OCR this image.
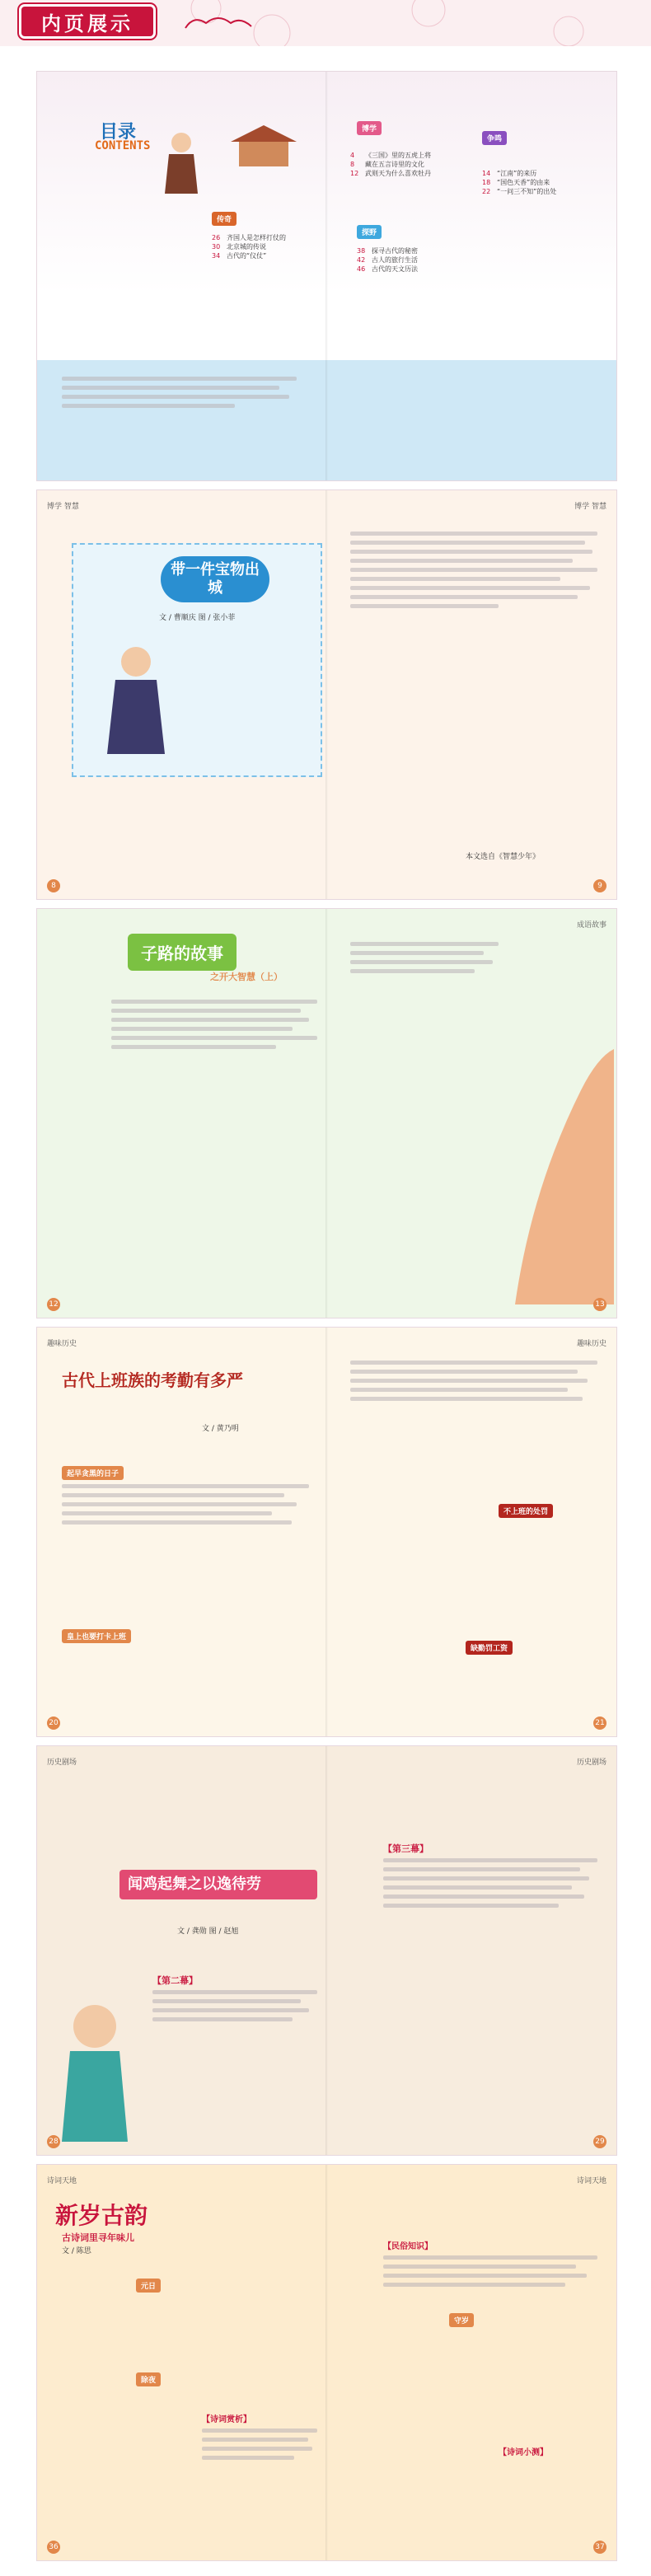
内页展示
目录
CONTENTS
博学
4	《三国》里的五虎上将
8	藏在五言诗里的文化
12 武则天为什么喜欢牡丹
争鸣
14 “江南”的来历
18 “国色天香”的由来
22 “一问三不知”的出处
传奇
26 齐国人是怎样打仗的
30 北京城的传说
34 古代的“仪仗”
探野
38 探寻古代的秘密
42 古人的旅行生活
46 古代的天文历法
博学 智慧	博学 智慧
带一件宝物出城
文 / 曹顺庆 图 / 张小菲
本文选自《智慧少年》
8	9
成语故事
子路的故事
之开大智慧（上）
12	13
趣味历史	趣味历史
古代上班族的考勤有多严
文 / 黄乃明
起早贪黑的日子
皇上也要打卡上班
不上班的处罚
缺勤罚工资
20	21
历史剧场	历史剧场
闻鸡起舞之以逸待劳
文 / 龚勋 图 / 赵旭
【第二幕】
【第三幕】
28	29
诗词天地	诗词天地
新岁古韵
古诗词里寻年味儿
文 / 陈思
元日
除夜
守岁
【诗词赏析】
【民俗知识】
【诗词小测】
36	37
